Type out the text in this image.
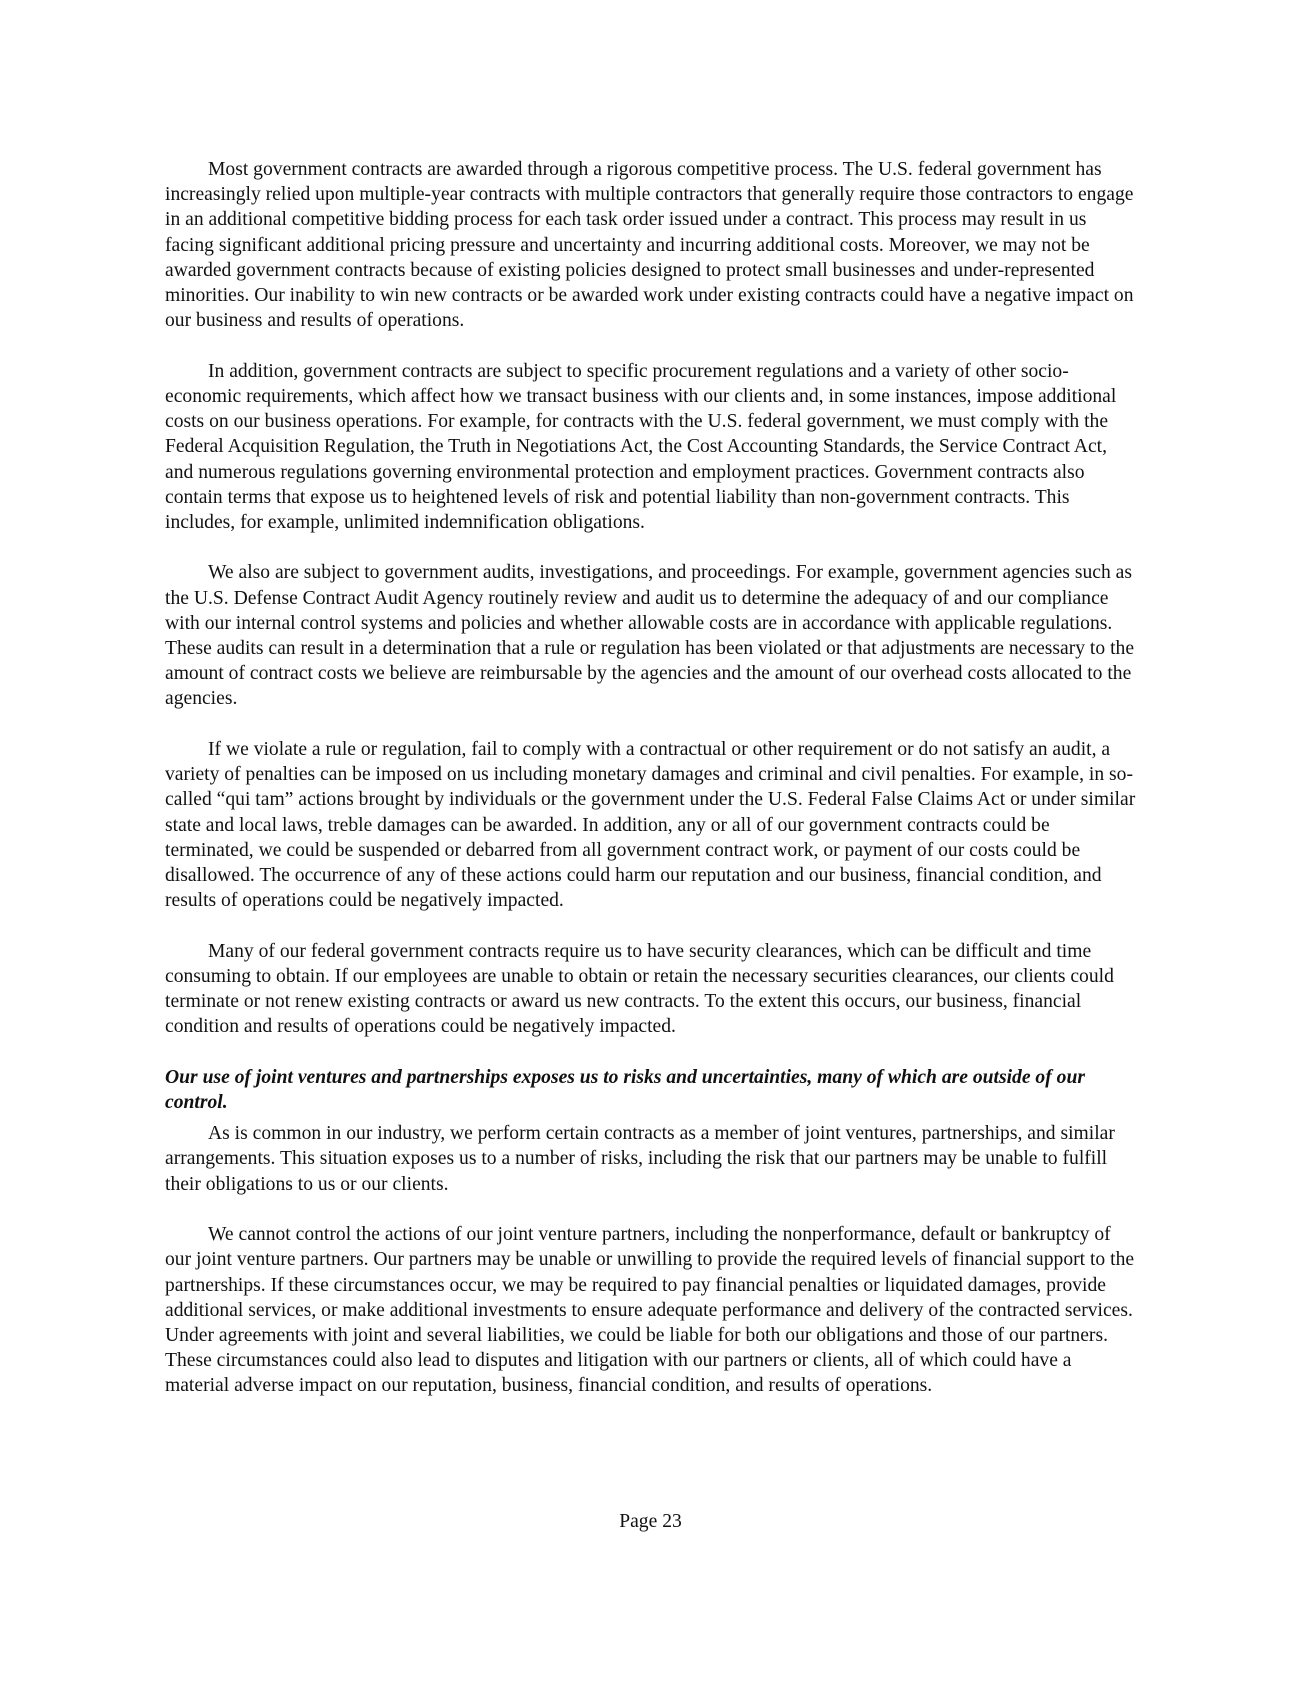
Most government contracts are awarded through a rigorous competitive process. The U.S. federal government has increasingly relied upon multiple-year contracts with multiple contractors that generally require those contractors to engage in an additional competitive bidding process for each task order issued under a contract. This process may result in us facing significant additional pricing pressure and uncertainty and incurring additional costs. Moreover, we may not be awarded government contracts because of existing policies designed to protect small businesses and under-represented minorities. Our inability to win new contracts or be awarded work under existing contracts could have a negative impact on our business and results of operations.

In addition, government contracts are subject to specific procurement regulations and a variety of other socio-economic requirements, which affect how we transact business with our clients and, in some instances, impose additional costs on our business operations. For example, for contracts with the U.S. federal government, we must comply with the Federal Acquisition Regulation, the Truth in Negotiations Act, the Cost Accounting Standards, the Service Contract Act, and numerous regulations governing environmental protection and employment practices. Government contracts also contain terms that expose us to heightened levels of risk and potential liability than non-government contracts. This includes, for example, unlimited indemnification obligations.

We also are subject to government audits, investigations, and proceedings. For example, government agencies such as the U.S. Defense Contract Audit Agency routinely review and audit us to determine the adequacy of and our compliance with our internal control systems and policies and whether allowable costs are in accordance with applicable regulations. These audits can result in a determination that a rule or regulation has been violated or that adjustments are necessary to the amount of contract costs we believe are reimbursable by the agencies and the amount of our overhead costs allocated to the agencies.

If we violate a rule or regulation, fail to comply with a contractual or other requirement or do not satisfy an audit, a variety of penalties can be imposed on us including monetary damages and criminal and civil penalties. For example, in so-called “qui tam” actions brought by individuals or the government under the U.S. Federal False Claims Act or under similar state and local laws, treble damages can be awarded. In addition, any or all of our government contracts could be terminated, we could be suspended or debarred from all government contract work, or payment of our costs could be disallowed. The occurrence of any of these actions could harm our reputation and our business, financial condition, and results of operations could be negatively impacted.

Many of our federal government contracts require us to have security clearances, which can be difficult and time consuming to obtain. If our employees are unable to obtain or retain the necessary securities clearances, our clients could terminate or not renew existing contracts or award us new contracts. To the extent this occurs, our business, financial condition and results of operations could be negatively impacted.

Our use of joint ventures and partnerships exposes us to risks and uncertainties, many of which are outside of our control.

As is common in our industry, we perform certain contracts as a member of joint ventures, partnerships, and similar arrangements. This situation exposes us to a number of risks, including the risk that our partners may be unable to fulfill their obligations to us or our clients.

We cannot control the actions of our joint venture partners, including the nonperformance, default or bankruptcy of our joint venture partners. Our partners may be unable or unwilling to provide the required levels of financial support to the partnerships. If these circumstances occur, we may be required to pay financial penalties or liquidated damages, provide additional services, or make additional investments to ensure adequate performance and delivery of the contracted services. Under agreements with joint and several liabilities, we could be liable for both our obligations and those of our partners. These circumstances could also lead to disputes and litigation with our partners or clients, all of which could have a material adverse impact on our reputation, business, financial condition, and results of operations.

Page 23
